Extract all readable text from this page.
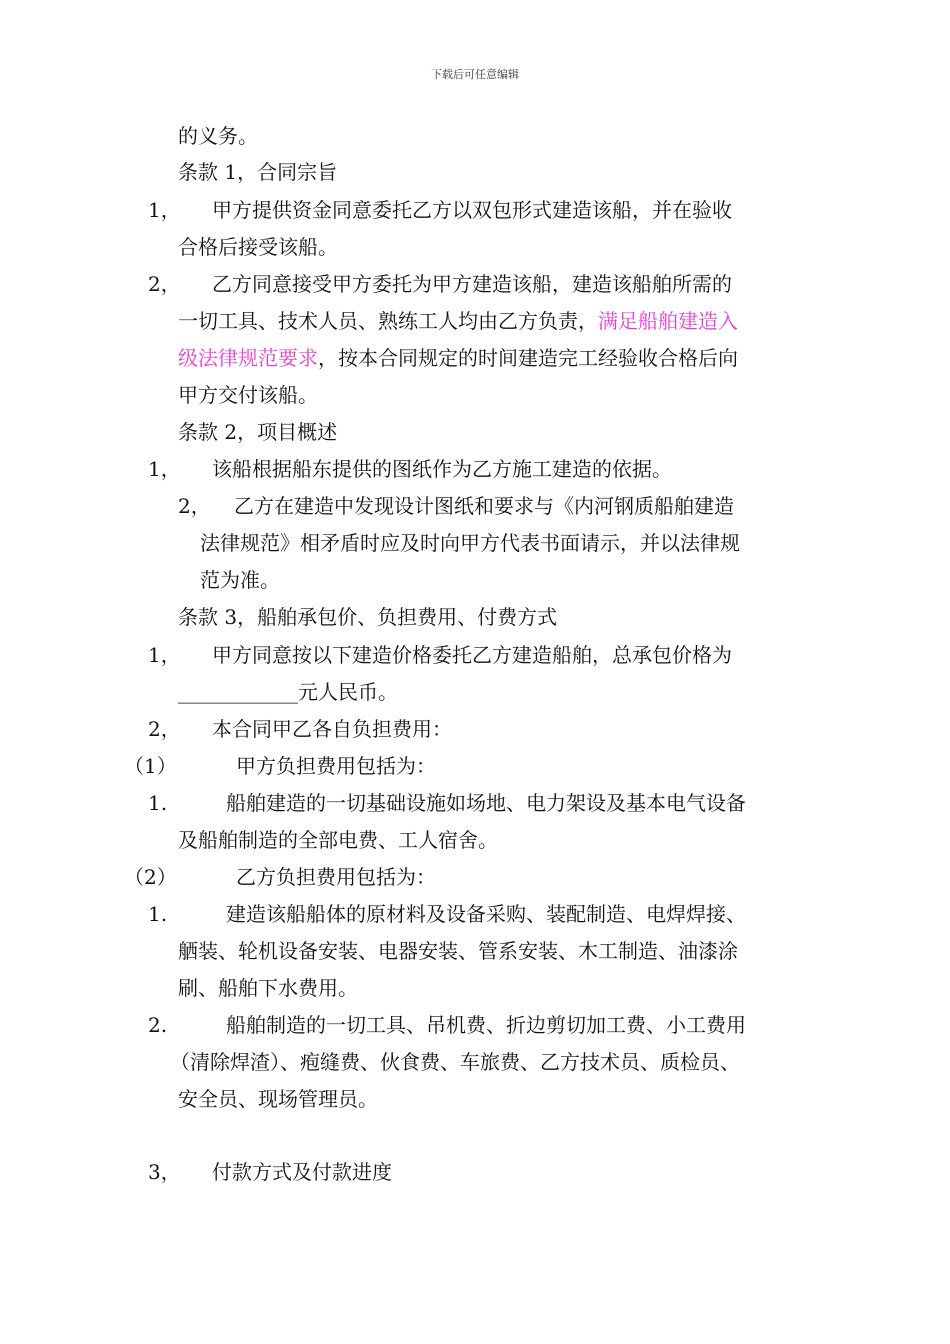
下载后可任意编辑
的义务。
条款 1，合同宗旨
1， 甲方提供资金同意委托乙方以双包形式建造该船，并在验收
合格后接受该船。
2， 乙方同意接受甲方委托为甲方建造该船，建造该船舶所需的
一切工具、技术人员、熟练工人均由乙方负责，满足船舶建造入
级法律规范要求，按本合同规定的时间建造完工经验收合格后向
甲方交付该船。
条款 2，项目概述
1， 该船根据船东提供的图纸作为乙方施工建造的依据。
2， 乙方在建造中发现设计图纸和要求与《内河钢质船舶建造
法律规范》相矛盾时应及时向甲方代表书面请示，并以法律规
范为准。
条款 3，船舶承包价、负担费用、付费方式
1， 甲方同意按以下建造价格委托乙方建造船舶，总承包价格为
____________元人民币。
2， 本合同甲乙各自负担费用：
（1）	甲方负担费用包括为：
1.	船舶建造的一切基础设施如场地、电力架设及基本电气设备
及船舶制造的全部电费、工人宿舍。
（2）	乙方负担费用包括为：
1.	建造该船船体的原材料及设备采购、装配制造、电焊焊接、
舾装、轮机设备安装、电器安装、管系安装、木工制造、油漆涂
刷、船舶下水费用。
2.	船舶制造的一切工具、吊机费、折边剪切加工费、小工费用
（清除焊渣）、疱缝费、伙食费、车旅费、乙方技术员、质检员、
安全员、现场管理员。
3， 付款方式及付款进度
